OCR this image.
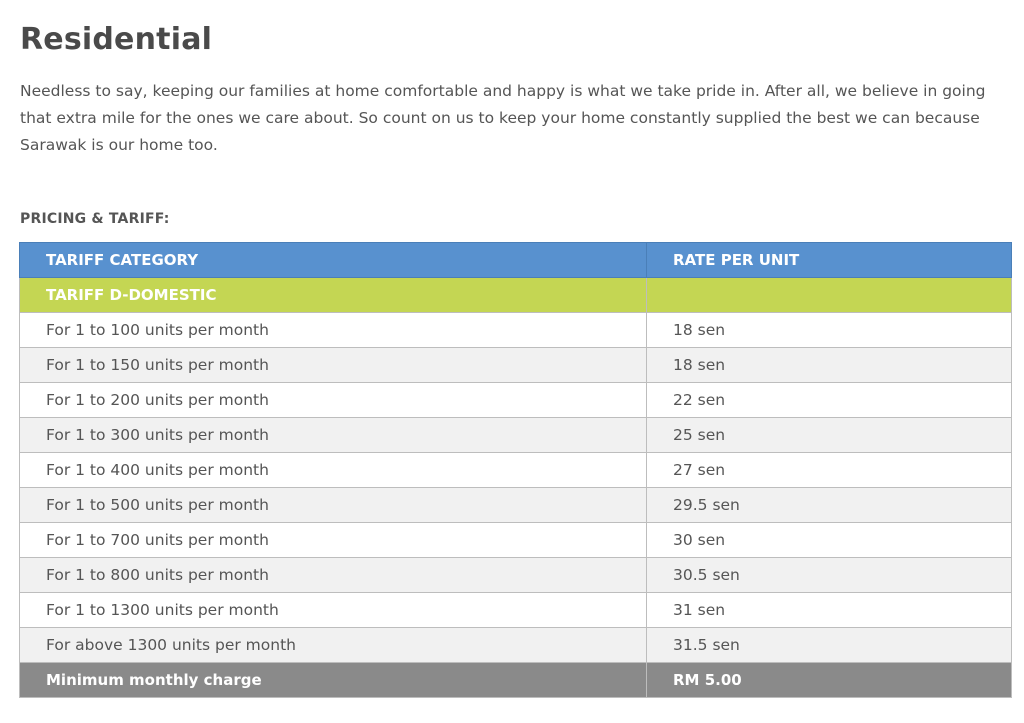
Residential

Needless to say, keeping our families at home comfortable and happy is what we take pride in. After all, we believe in going that extra mile for the ones we care about. So count on us to keep your home constantly supplied the best we can because Sarawak is our home too.

PRICING & TARIFF:
TARIFF CATEGORY	RATE PER UNIT
TARIFF D-DOMESTIC	
For 1 to 100 units per month	18 sen
For 1 to 150 units per month	18 sen
For 1 to 200 units per month	22 sen
For 1 to 300 units per month	25 sen
For 1 to 400 units per month	27 sen
For 1 to 500 units per month	29.5 sen
For 1 to 700 units per month	30 sen
For 1 to 800 units per month	30.5 sen
For 1 to 1300 units per month	31 sen
For above 1300 units per month	31.5 sen
Minimum monthly charge	RM 5.00
